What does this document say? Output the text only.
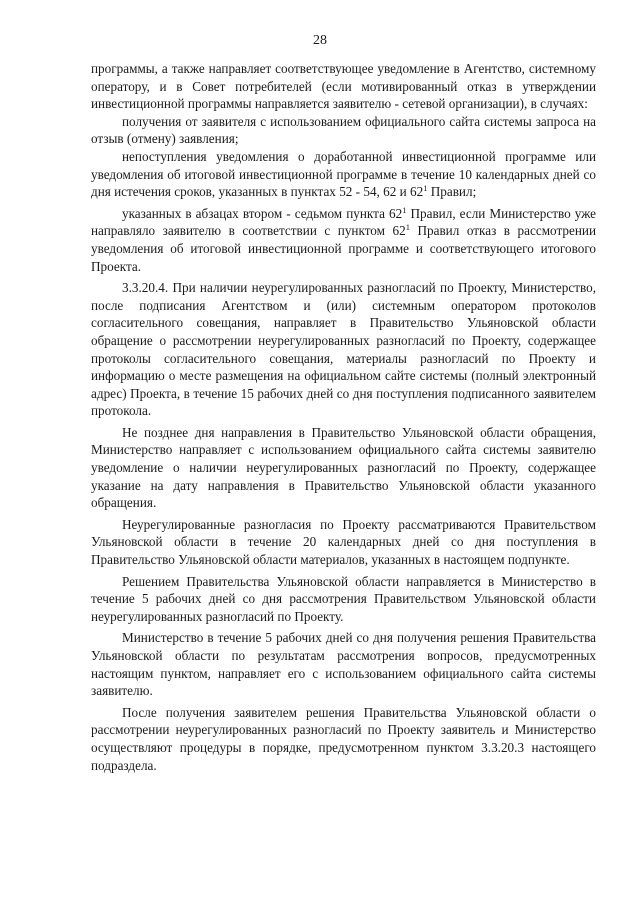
28

программы, а также направляет соответствующее уведомление в Агентство, системному оператору, и в Совет потребителей (если мотивированный отказ в утверждении инвестиционной программы направляется заявителю - сетевой организации), в случаях:

получения от заявителя с использованием официального сайта системы запроса на отзыв (отмену) заявления;

непоступления уведомления о доработанной инвестиционной программе или уведомления об итоговой инвестиционной программе в течение 10 календарных дней со дня истечения сроков, указанных в пунктах 52 - 54, 62 и $62^1$ Правил;

указанных в абзацах втором - седьмом пункта $62^1$ Правил, если Министерство уже направляло заявителю в соответствии с пунктом $62^1$ Правил отказ в рассмотрении уведомления об итоговой инвестиционной программе и соответствующего итогового Проекта.

3.3.20.4. При наличии неурегулированных разногласий по Проекту, Министерство, после подписания Агентством и (или) системным оператором протоколов согласительного совещания, направляет в Правительство Ульяновской области обращение о рассмотрении неурегулированных разногласий по Проекту, содержащее протоколы согласительного совещания, материалы разногласий по Проекту и информацию о месте размещения на официальном сайте системы (полный электронный адрес) Проекта, в течение 15 рабочих дней со дня поступления подписанного заявителем протокола.

Не позднее дня направления в Правительство Ульяновской области обращения, Министерство направляет с использованием официального сайта системы заявителю уведомление о наличии неурегулированных разногласий по Проекту, содержащее указание на дату направления в Правительство Ульяновской области указанного обращения.

Неурегулированные разногласия по Проекту рассматриваются Правительством Ульяновской области в течение 20 календарных дней со дня поступления в Правительство Ульяновской области материалов, указанных в настоящем подпункте.

Решением Правительства Ульяновской области направляется в Министерство в течение 5 рабочих дней со дня рассмотрения Правительством Ульяновской области неурегулированных разногласий по Проекту.

Министерство в течение 5 рабочих дней со дня получения решения Правительства Ульяновской области по результатам рассмотрения вопросов, предусмотренных настоящим пунктом, направляет его с использованием официального сайта системы заявителю.

После получения заявителем решения Правительства Ульяновской области о рассмотрении неурегулированных разногласий по Проекту заявитель и Министерство осуществляют процедуры в порядке, предусмотренном пунктом 3.3.20.3 настоящего подраздела.
